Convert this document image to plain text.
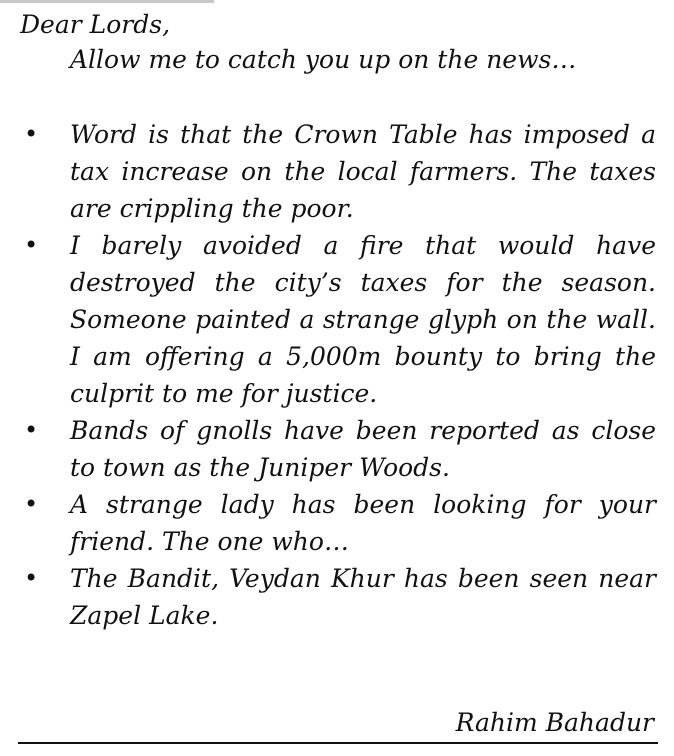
Dear Lords,

Allow me to catch you up on the news…

• Word is that the Crown Table has imposed a tax increase on the local farmers. The taxes are crippling the poor.
• I barely avoided a fire that would have destroyed the city’s taxes for the season. Someone painted a strange glyph on the wall. I am offering a 5,000m bounty to bring the culprit to me for justice.
• Bands of gnolls have been reported as close to town as the Juniper Woods.
• A strange lady has been looking for your friend. The one who…
• The Bandit, Veydan Khur has been seen near Zapel Lake.

Rahim Bahadur
